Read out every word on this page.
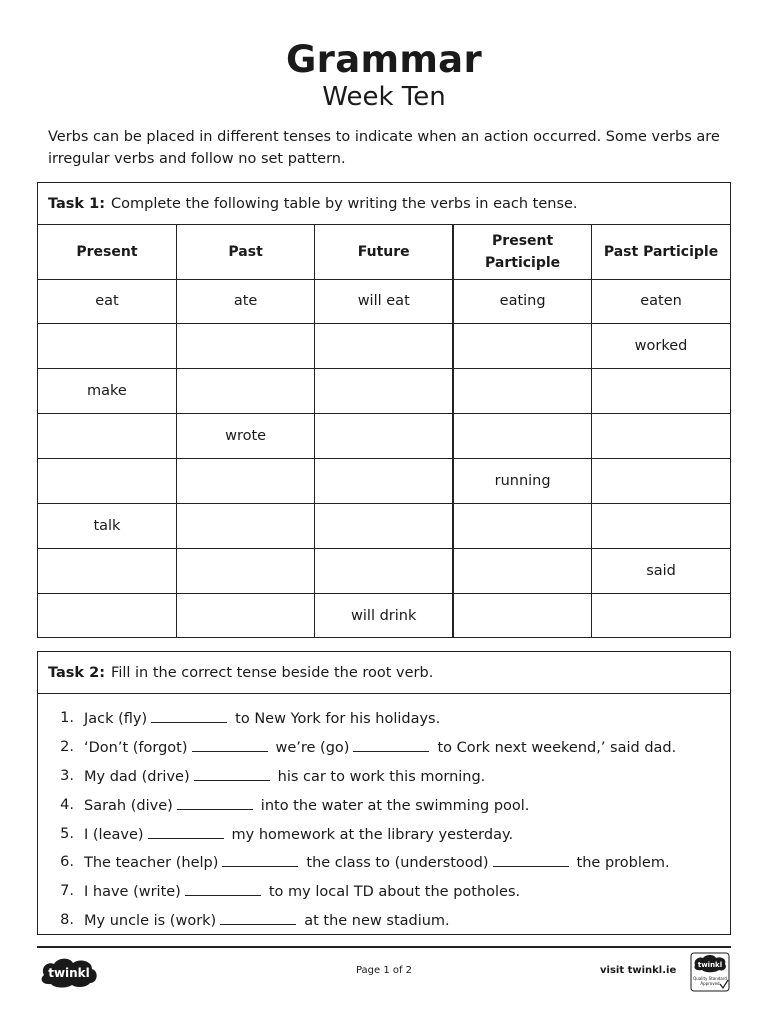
Grammar
Week Ten

Verbs can be placed in different tenses to indicate when an action occurred. Some verbs are irregular verbs and follow no set pattern.

Task 1: Complete the following table by writing the verbs in each tense.
Present	Past	Future	Present Participle	Past Participle
eat	ate	will eat	eating	eaten
				worked
make				
	wrote			
			running	
talk				
				said
		will drink		
Task 2: Fill in the correct tense beside the root verb.
1. Jack (fly)	to New York for his holidays.
2. ‘Don’t (forgot)	we’re (go)	to Cork next weekend,’ said dad.
3. My dad (drive)	his car to work this morning.
4. Sarah (dive)	into the water at the swimming pool.
5. I (leave)	my homework at the library yesterday.
6. The teacher (help)	the class to (understood)	the problem.
7. I have (write)	to my local TD about the potholes.
8. My uncle is (work)	at the new stadium.
twinkl	Page 1 of 2	visit twinkl.ie	twinkl
Quality Standard
Approved
